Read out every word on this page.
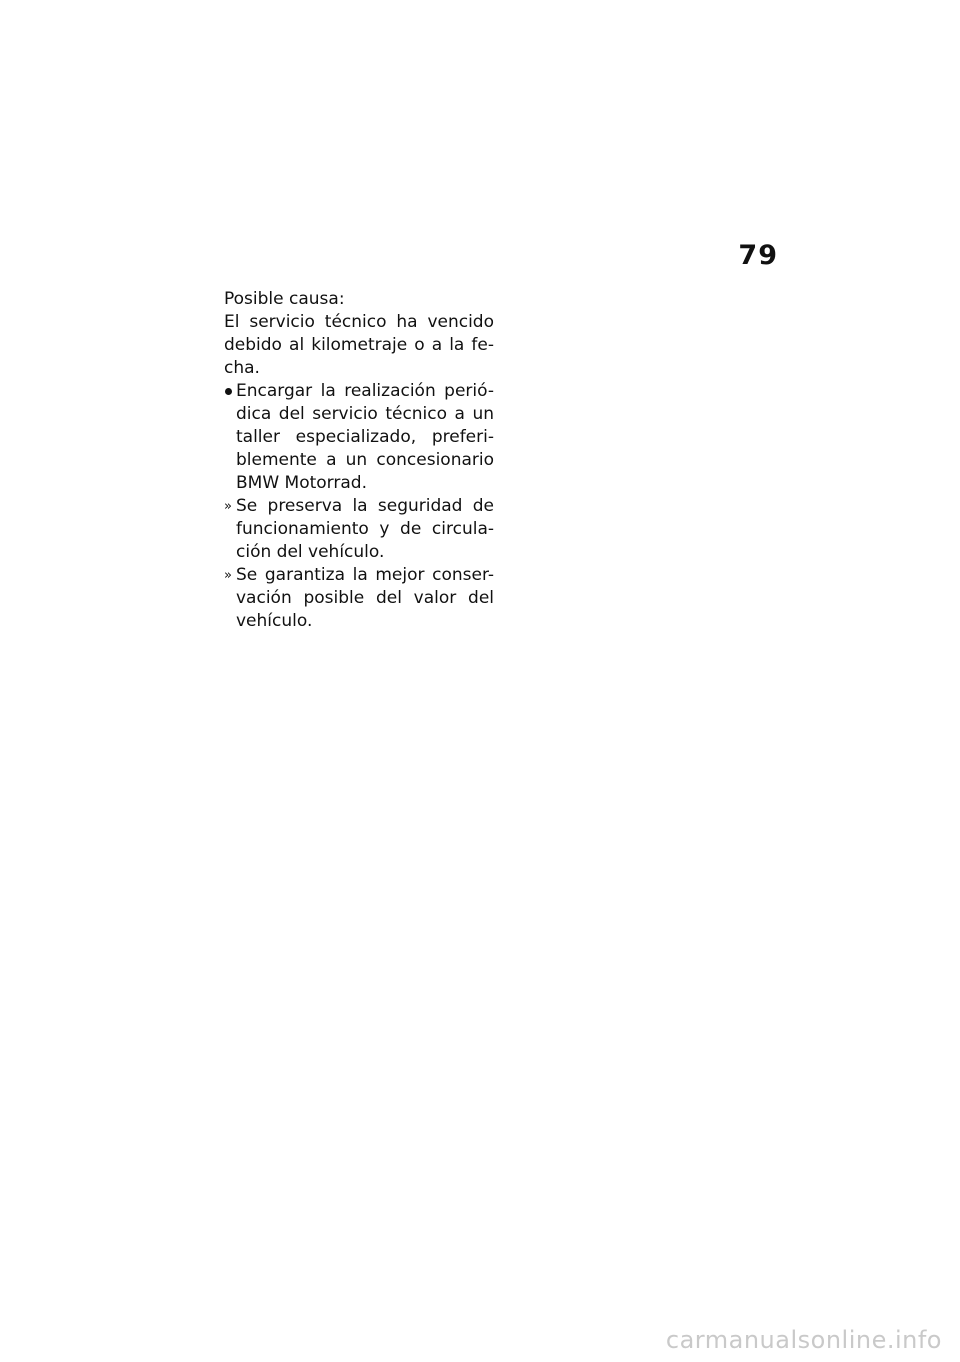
79

Posible causa:

El servicio técnico ha vencido debido al kilometraje o a la fe-cha.

Encargar la realización perió-dica del servicio técnico a un taller especializado, preferi-blemente a un concesionario BMW Motorrad.

» Se preserva la seguridad de funcionamiento y de circula-ción del vehículo.

» Se garantiza la mejor conser-vación posible del valor del vehículo.

carmanualsonline.info
